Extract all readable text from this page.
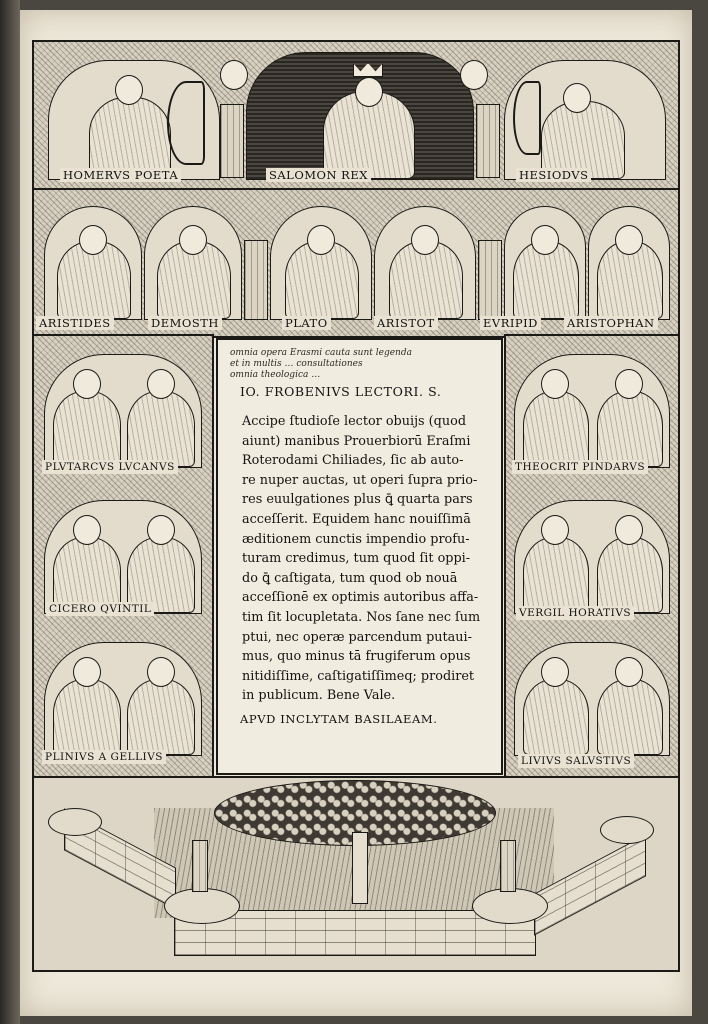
HOMERVS POETA	SALOMON REX	HESIODVS
ARISTIDES	DEMOSTH	PLATO	ARISTOT	EVRIPID	ARISTOPHAN
PLVTARCVS LVCANVS
CICERO QVINTIL
PLINIVS A GELLIVS
THEOCRIT PINDARVS
VERGIL HORATIVS
LIVIVS SALVSTIVS
omnia opera Erasmi cauta sunt legenda
et in multis … consultationes
omnia theologica …
IO. FROBENIVS LECTORI. S.
Accipe ſtudioſe lector obuijs (quod
aiunt) manibus Prouerbiorū Eraſmi
Roterodami Chiliades, ſic ab auto-
re nuper auctas, ut operi ſupra prio-
res euulgationes plus ꝗ̄ quarta pars
acceſſerit. Equidem hanc nouiſſimā
æditionem cunctis impendio profu-
turam credimus, tum quod ſit oppi-
do ꝗ̄ caſtigata, tum quod ob nouā
acceſſionē ex optimis autoribus affa-
tim ſit locupletata. Nos ſane nec ſum
ptui, nec operæ parcendum putaui-
mus, quo minus tā frugiferum opus
nitidiſſime, caſtigatiſſimeq; prodiret
in publicum. Bene Vale.
APVD INCLYTAM BASILAEAM.
